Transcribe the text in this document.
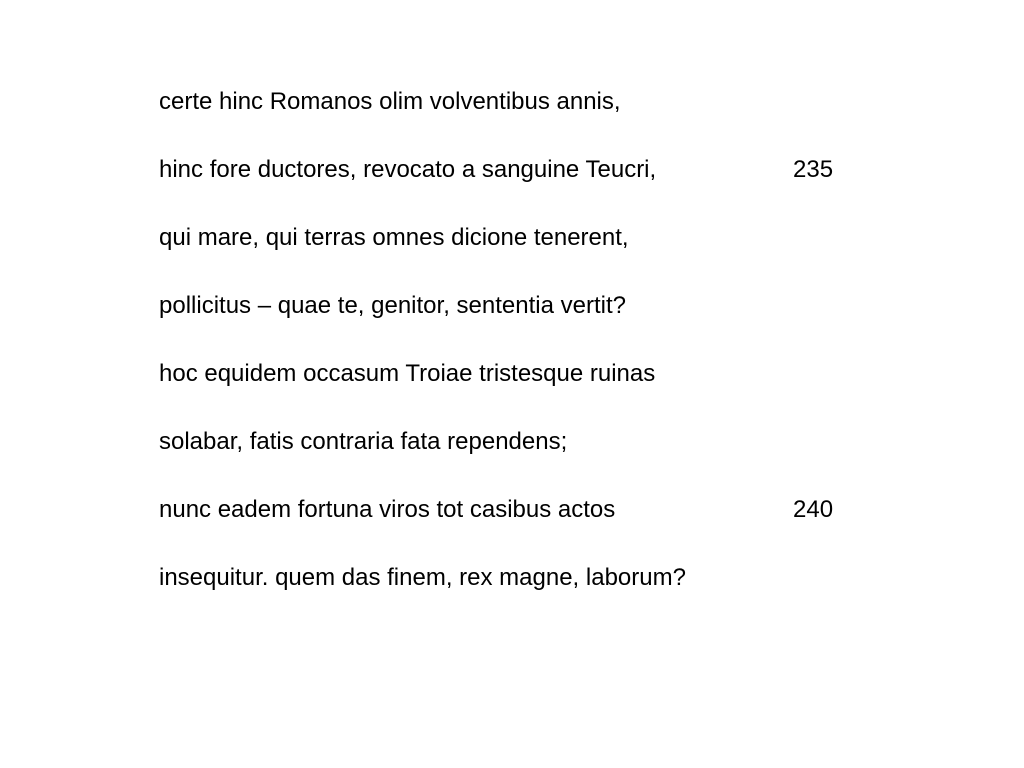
certe hinc Romanos olim volventibus annis,
hinc fore ductores, revocato a sanguine Teucri,	235
qui mare, qui terras omnes dicione tenerent,
pollicitus – quae te, genitor, sententia vertit?
hoc equidem occasum Troiae tristesque ruinas
solabar, fatis contraria fata rependens;
nunc eadem fortuna viros tot casibus actos	240
insequitur. quem das finem, rex magne, laborum?
